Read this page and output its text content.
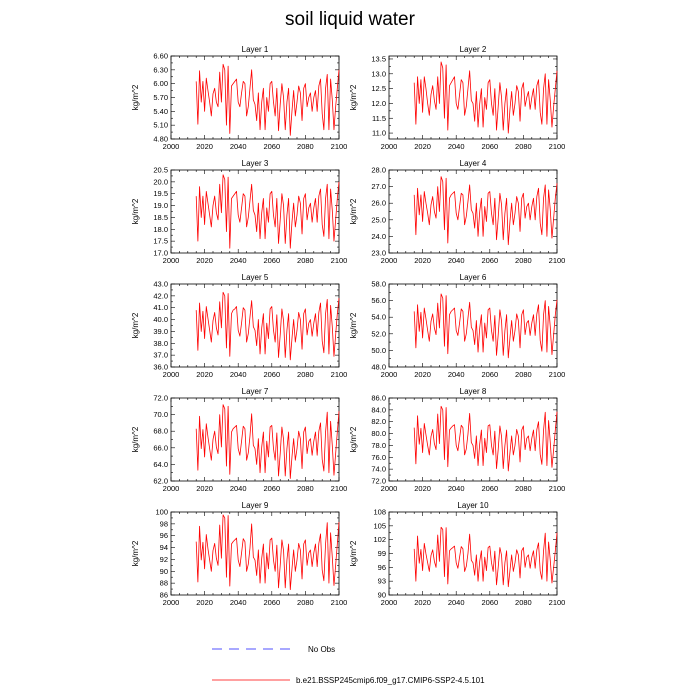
soil liquid water
Layer 1
kg/m^2
2000 2020 2040 2060 2080 2100
4.80
5.10
5.40
5.70
6.00
6.30
6.60
Layer 2
kg/m^2
2000 2020 2040 2060 2080 2100
11.0
11.5
12.0
12.5
13.0
13.5
Layer 3
kg/m^2
2000 2020 2040 2060 2080 2100
17.0
17.5
18.0
18.5
19.0
19.5
20.0
20.5
Layer 4
kg/m^2
2000 2020 2040 2060 2080 2100
23.0
24.0
25.0
26.0
27.0
28.0
Layer 5
kg/m^2
2000 2020 2040 2060 2080 2100
36.0
37.0
38.0
39.0
40.0
41.0
42.0
43.0
Layer 6
kg/m^2
2000 2020 2040 2060 2080 2100
48.0
50.0
52.0
54.0
56.0
58.0
Layer 7
kg/m^2
2000 2020 2040 2060 2080 2100
62.0
64.0
66.0
68.0
70.0
72.0
Layer 8
kg/m^2
2000 2020 2040 2060 2080 2100
72.0
74.0
76.0
78.0
80.0
82.0
84.0
86.0
Layer 9
kg/m^2
2000 2020 2040 2060 2080 2100
86
88
90
92
94
96
98
100
Layer 10
kg/m^2
2000 2020 2040 2060 2080 2100
90
93
96
99
102
105
108
No Obs
b.e21.BSSP245cmip6.f09_g17.CMIP6-SSP2-4.5.101
